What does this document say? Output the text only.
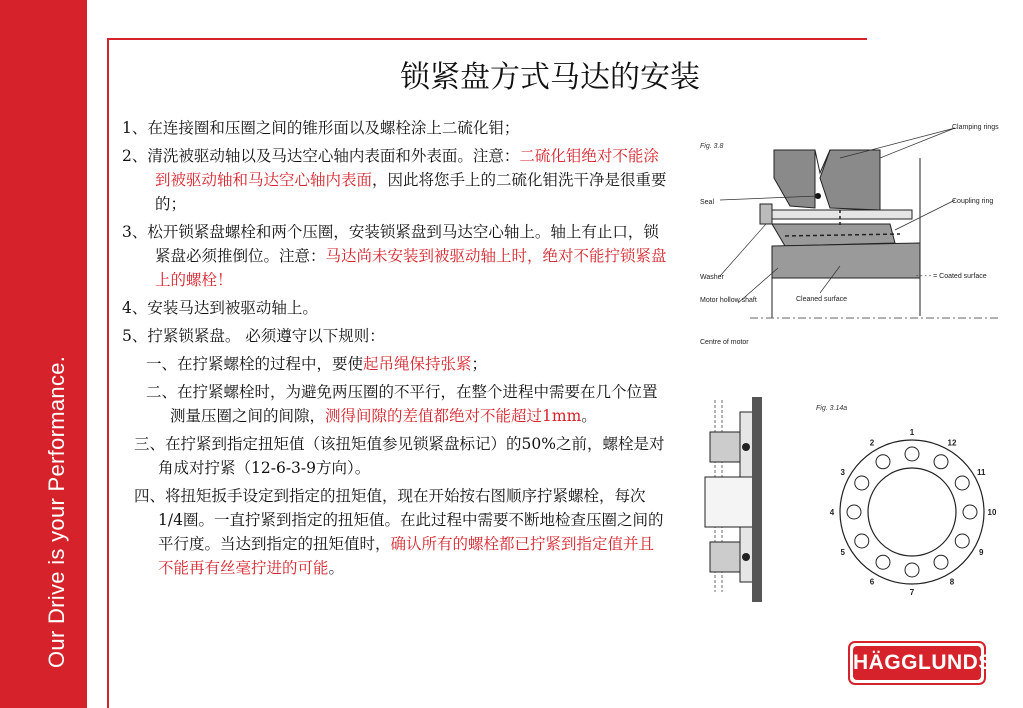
Our Drive is your Performance.
锁紧盘方式马达的安装

1、在连接圈和压圈之间的锥形面以及螺栓涂上二硫化钼；

2、清洗被驱动轴以及马达空心轴内表面和外表面。注意：二硫化钼绝对不能涂到被驱动轴和马达空心轴内表面，因此将您手上的二硫化钼洗干净是很重要的；

3、松开锁紧盘螺栓和两个压圈，安装锁紧盘到马达空心轴上。轴上有止口，锁紧盘必须推倒位。注意：马达尚未安装到被驱动轴上时，绝对不能拧锁紧盘上的螺栓！

4、安装马达到被驱动轴上。

5、拧紧锁紧盘。 必须遵守以下规则：

一、在拧紧螺栓的过程中，要使起吊绳保持张紧；

二、在拧紧螺栓时，为避免两压圈的不平行，在整个进程中需要在几个位置测量压圈之间的间隙，测得间隙的差值都绝对不能超过1mm。

三、在拧紧到指定扭矩值（该扭矩值参见锁紧盘标记）的50%之前，螺栓是对角成对拧紧（12-6-3-9方向）。

四、将扭矩扳手设定到指定的扭矩值，现在开始按右图顺序拧紧螺栓，每次1/4圈。一直拧紧到指定的扭矩值。在此过程中需要不断地检查压圈之间的平行度。当达到指定的扭矩值时，确认所有的螺栓都已拧紧到指定值并且不能再有丝毫拧进的可能。

Fig. 3.8
Clamping rings
Coupling ring
Seal
Washer	- - - - = Coated surface
Cleaned surface
Motor hollow shaft
Centre of motor
Fig. 3.14a
1
12
11
10
9
8
7
6
5
4
3
2
HÄGGLUNDS
